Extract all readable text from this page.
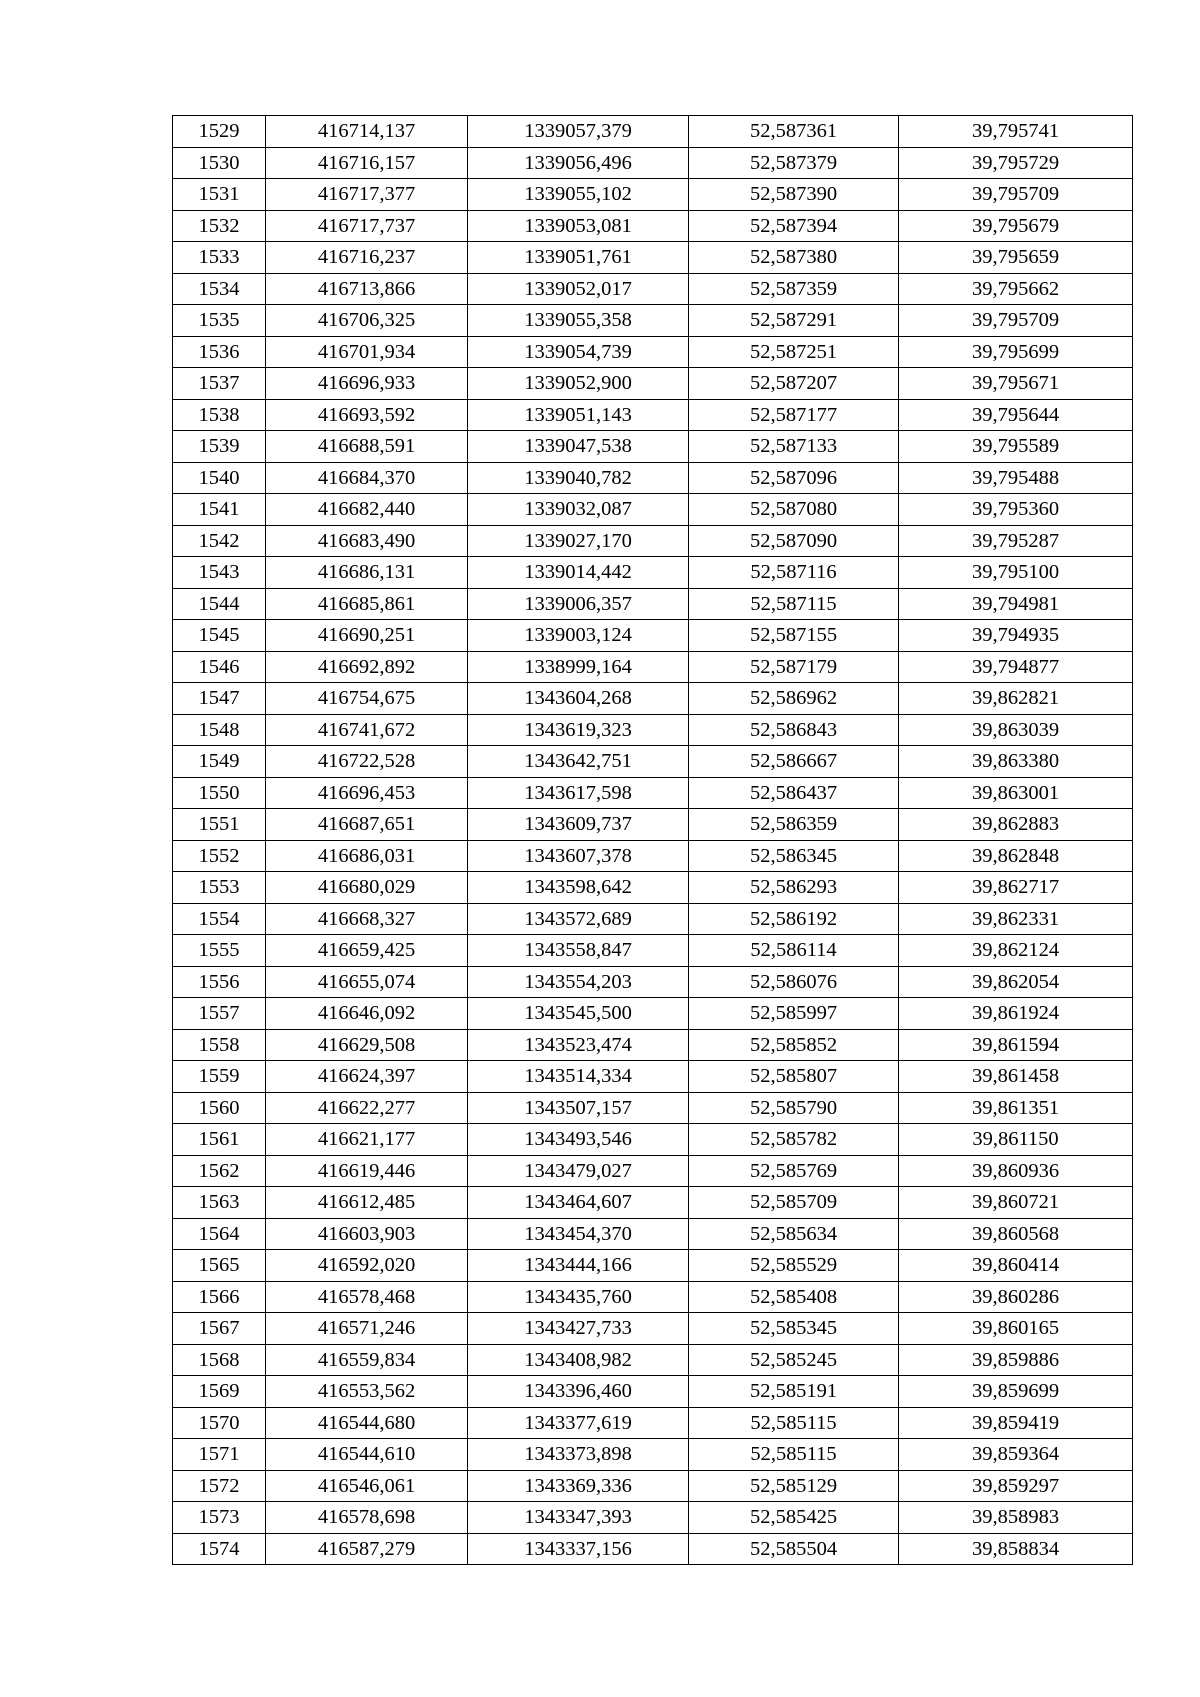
1529	416714,137	1339057,379	52,587361	39,795741
1530	416716,157	1339056,496	52,587379	39,795729
1531	416717,377	1339055,102	52,587390	39,795709
1532	416717,737	1339053,081	52,587394	39,795679
1533	416716,237	1339051,761	52,587380	39,795659
1534	416713,866	1339052,017	52,587359	39,795662
1535	416706,325	1339055,358	52,587291	39,795709
1536	416701,934	1339054,739	52,587251	39,795699
1537	416696,933	1339052,900	52,587207	39,795671
1538	416693,592	1339051,143	52,587177	39,795644
1539	416688,591	1339047,538	52,587133	39,795589
1540	416684,370	1339040,782	52,587096	39,795488
1541	416682,440	1339032,087	52,587080	39,795360
1542	416683,490	1339027,170	52,587090	39,795287
1543	416686,131	1339014,442	52,587116	39,795100
1544	416685,861	1339006,357	52,587115	39,794981
1545	416690,251	1339003,124	52,587155	39,794935
1546	416692,892	1338999,164	52,587179	39,794877
1547	416754,675	1343604,268	52,586962	39,862821
1548	416741,672	1343619,323	52,586843	39,863039
1549	416722,528	1343642,751	52,586667	39,863380
1550	416696,453	1343617,598	52,586437	39,863001
1551	416687,651	1343609,737	52,586359	39,862883
1552	416686,031	1343607,378	52,586345	39,862848
1553	416680,029	1343598,642	52,586293	39,862717
1554	416668,327	1343572,689	52,586192	39,862331
1555	416659,425	1343558,847	52,586114	39,862124
1556	416655,074	1343554,203	52,586076	39,862054
1557	416646,092	1343545,500	52,585997	39,861924
1558	416629,508	1343523,474	52,585852	39,861594
1559	416624,397	1343514,334	52,585807	39,861458
1560	416622,277	1343507,157	52,585790	39,861351
1561	416621,177	1343493,546	52,585782	39,861150
1562	416619,446	1343479,027	52,585769	39,860936
1563	416612,485	1343464,607	52,585709	39,860721
1564	416603,903	1343454,370	52,585634	39,860568
1565	416592,020	1343444,166	52,585529	39,860414
1566	416578,468	1343435,760	52,585408	39,860286
1567	416571,246	1343427,733	52,585345	39,860165
1568	416559,834	1343408,982	52,585245	39,859886
1569	416553,562	1343396,460	52,585191	39,859699
1570	416544,680	1343377,619	52,585115	39,859419
1571	416544,610	1343373,898	52,585115	39,859364
1572	416546,061	1343369,336	52,585129	39,859297
1573	416578,698	1343347,393	52,585425	39,858983
1574	416587,279	1343337,156	52,585504	39,858834
